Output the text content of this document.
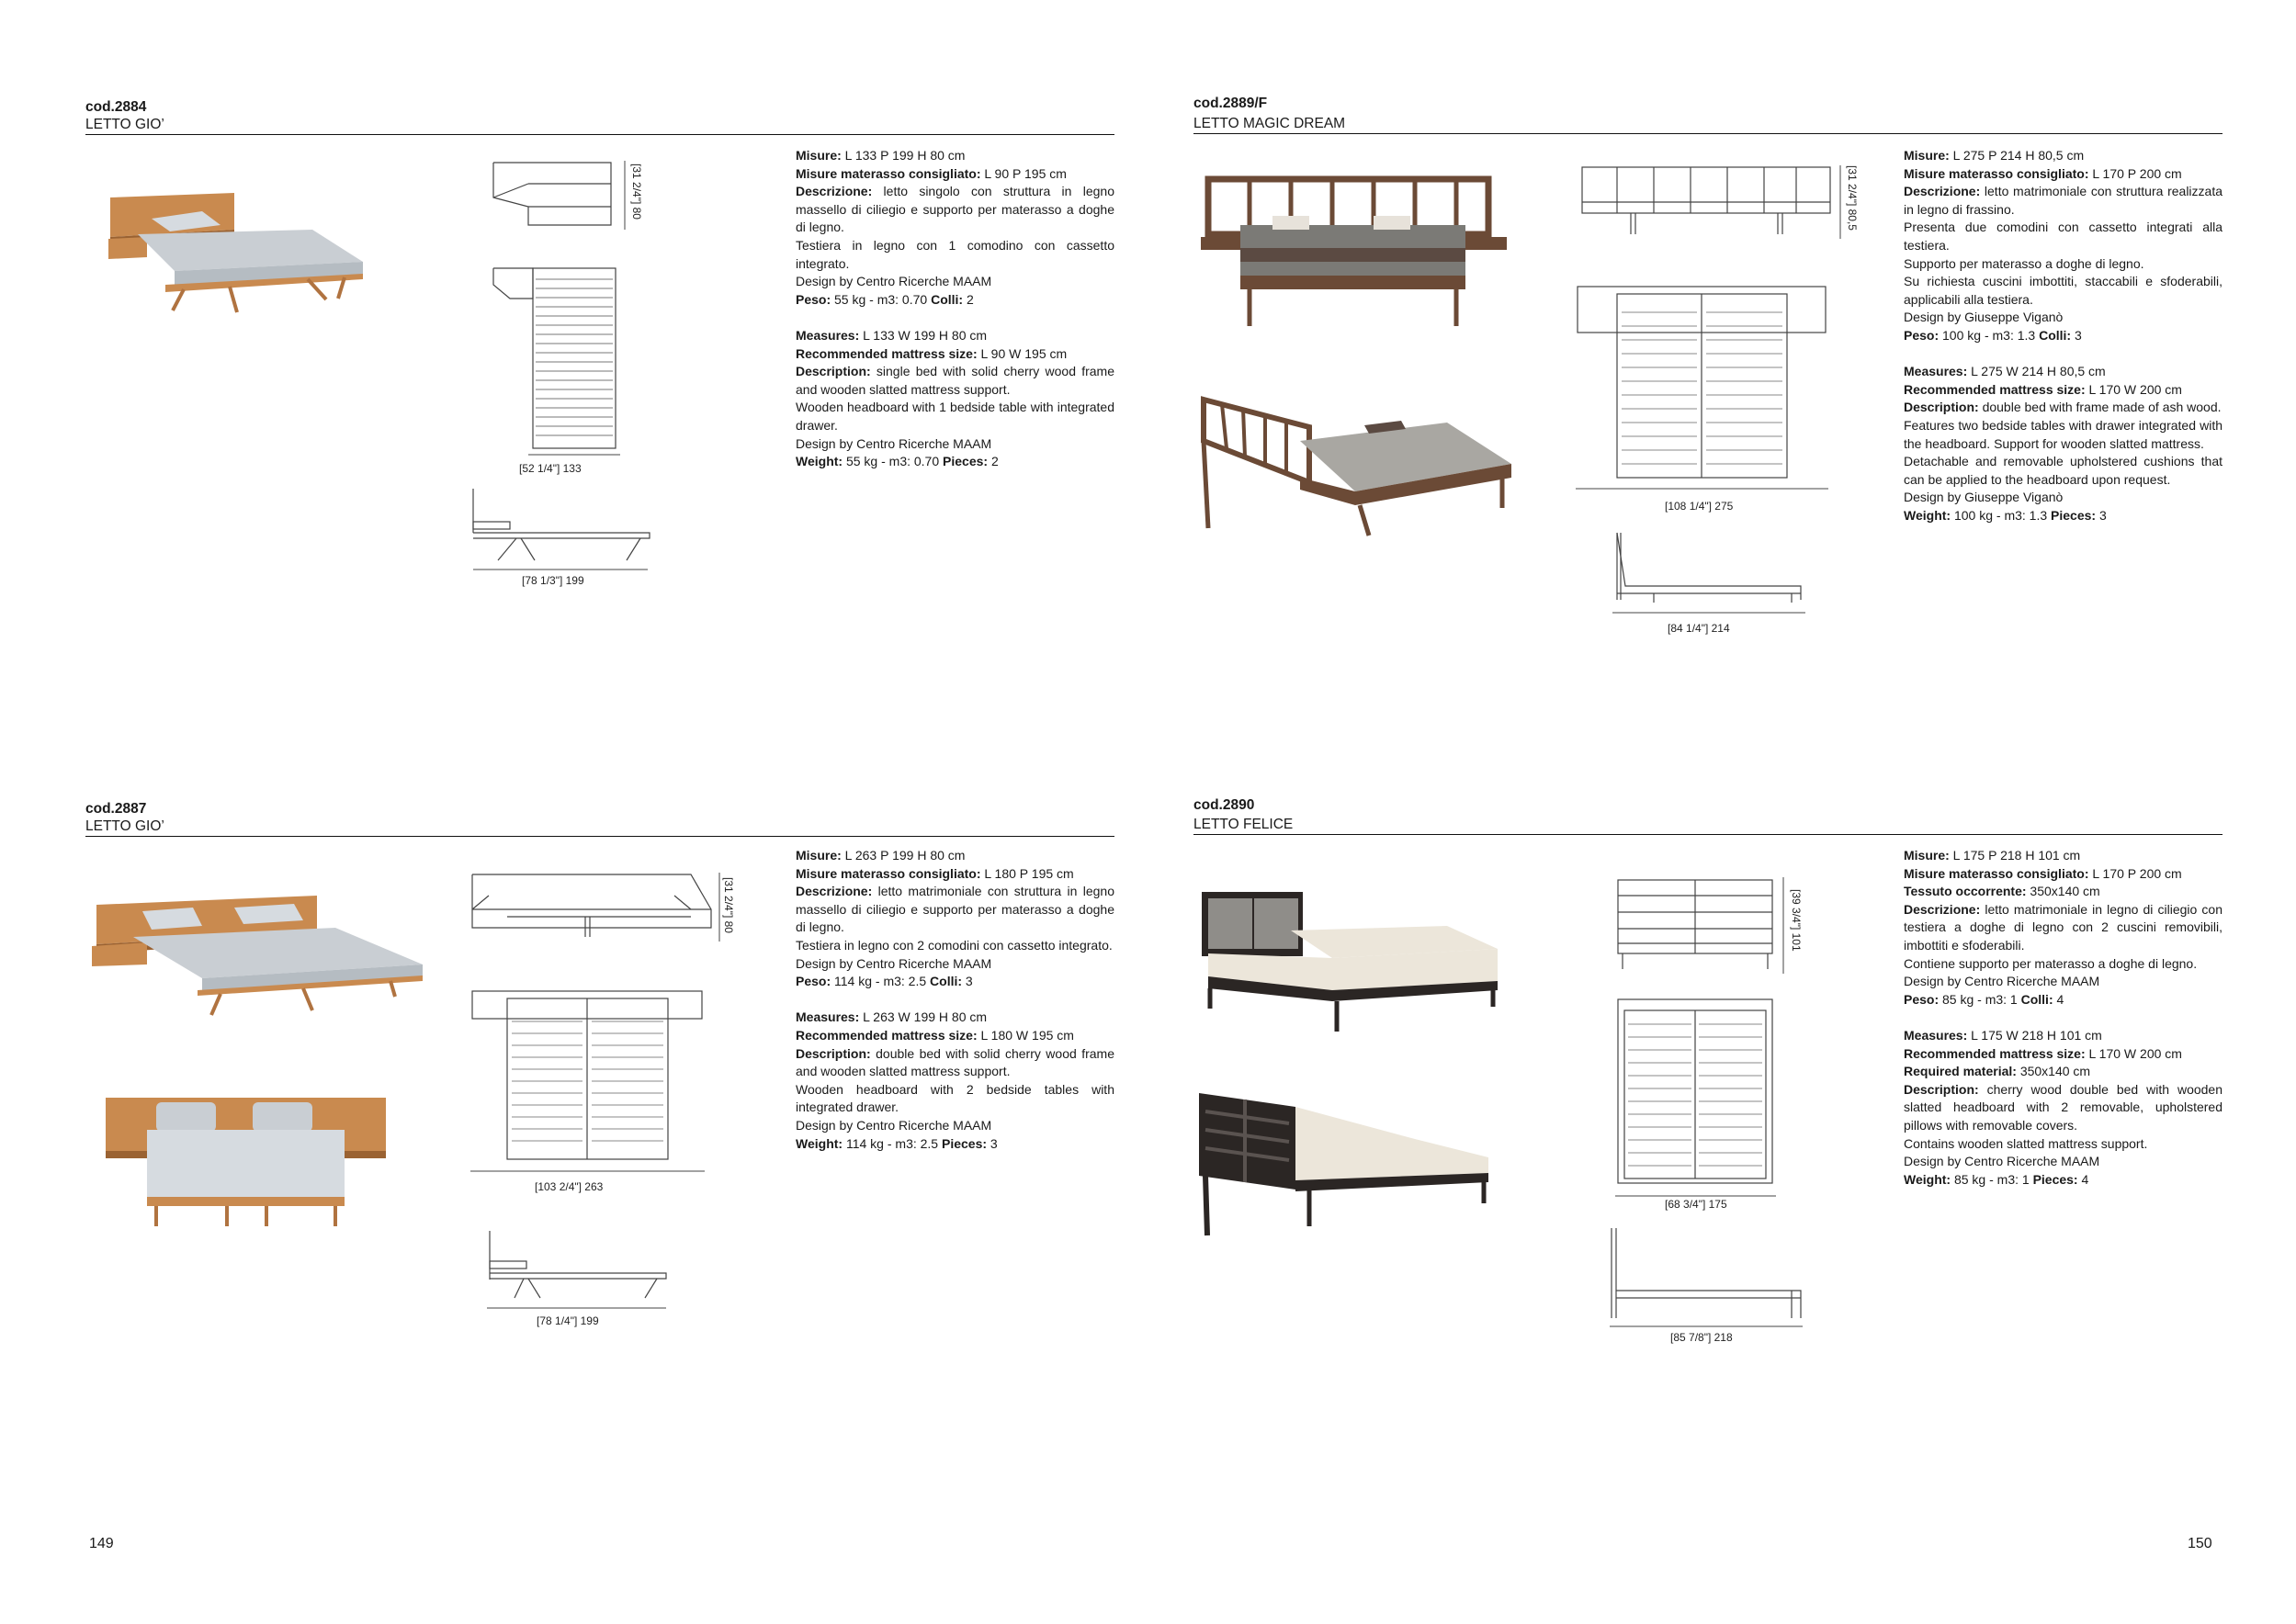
cod.2884
LETTO GIO’
[31 2/4"] 80
[52 1/4"] 133
[78 1/3"] 199

Misure: L 133 P 199 H 80 cm

Misure materasso consigliato: L 90 P 195 cm

Descrizione: letto singolo con struttura in legno massello di ciliegio e supporto per materasso a doghe di legno.

Testiera in legno con 1 comodino con cassetto integrato.

Design by Centro Ricerche MAAM

Peso: 55 kg - m3: 0.70 Colli: 2

Measures: L 133 W 199 H 80 cm

Recommended mattress size: L 90 W 195 cm

Description: single bed with solid cherry wood frame and wooden slatted mattress support.

Wooden headboard with 1 bedside table with integrated drawer.

Design by Centro Ricerche MAAM

Weight: 55 kg - m3: 0.70 Pieces: 2

cod.2889/F
LETTO MAGIC DREAM
[31 2/4"] 80,5
[108 1/4"] 275
[84 1/4"] 214

Misure: L 275 P 214 H 80,5 cm

Misure materasso consigliato: L 170 P 200 cm

Descrizione: letto matrimoniale con struttura realizzata in legno di frassino.

Presenta due comodini con cassetto integrati alla testiera.

Supporto per materasso a doghe di legno.

Su richiesta cuscini imbottiti, staccabili e sfoderabili, applicabili alla testiera.

Design by Giuseppe Viganò

Peso: 100 kg - m3: 1.3 Colli: 3

Measures: L 275 W 214 H 80,5 cm

Recommended mattress size: L 170 W 200 cm

Description: double bed with frame made of ash wood.

Features two bedside tables with drawer integrated with the headboard. Support for wooden slatted mattress.

Detachable and removable upholstered cushions that can be applied to the headboard upon request.

Design by Giuseppe Viganò

Weight: 100 kg - m3: 1.3 Pieces: 3

cod.2887
LETTO GIO’
[31 2/4"] 80
[103 2/4"] 263
[78 1/4"] 199

Misure: L 263 P 199 H 80 cm

Misure materasso consigliato: L 180 P 195 cm

Descrizione: letto matrimoniale con struttura in legno massello di ciliegio e supporto per materasso a doghe di legno.

Testiera in legno con 2 comodini con cassetto integrato.

Design by Centro Ricerche MAAM

Peso: 114 kg - m3: 2.5 Colli: 3

Measures: L 263 W 199 H 80 cm

Recommended mattress size: L 180 W 195 cm

Description: double bed with solid cherry wood frame and wooden slatted mattress support.

Wooden headboard with 2 bedside tables with integrated drawer.

Design by Centro Ricerche MAAM

Weight: 114 kg - m3: 2.5 Pieces: 3

cod.2890
LETTO FELICE
[39 3/4"] 101
[68 3/4"] 175
[85 7/8"] 218

Misure: L 175 P 218 H 101 cm

Misure materasso consigliato: L 170 P 200 cm

Tessuto occorrente: 350x140 cm

Descrizione: letto matrimoniale in legno di ciliegio con testiera a doghe di legno con 2 cuscini removibili, imbottiti e sfoderabili.

Contiene supporto per materasso a doghe di legno.

Design by Centro Ricerche MAAM

Peso: 85 kg - m3: 1 Colli: 4

Measures: L 175 W 218 H 101 cm

Recommended mattress size: L 170 W 200 cm

Required material: 350x140 cm

Description: cherry wood double bed with wooden slatted headboard with 2 removable, upholstered pillows with removable covers.

Contains wooden slatted mattress support.

Design by Centro Ricerche MAAM

Weight: 85 kg - m3: 1 Pieces: 4

149	150
